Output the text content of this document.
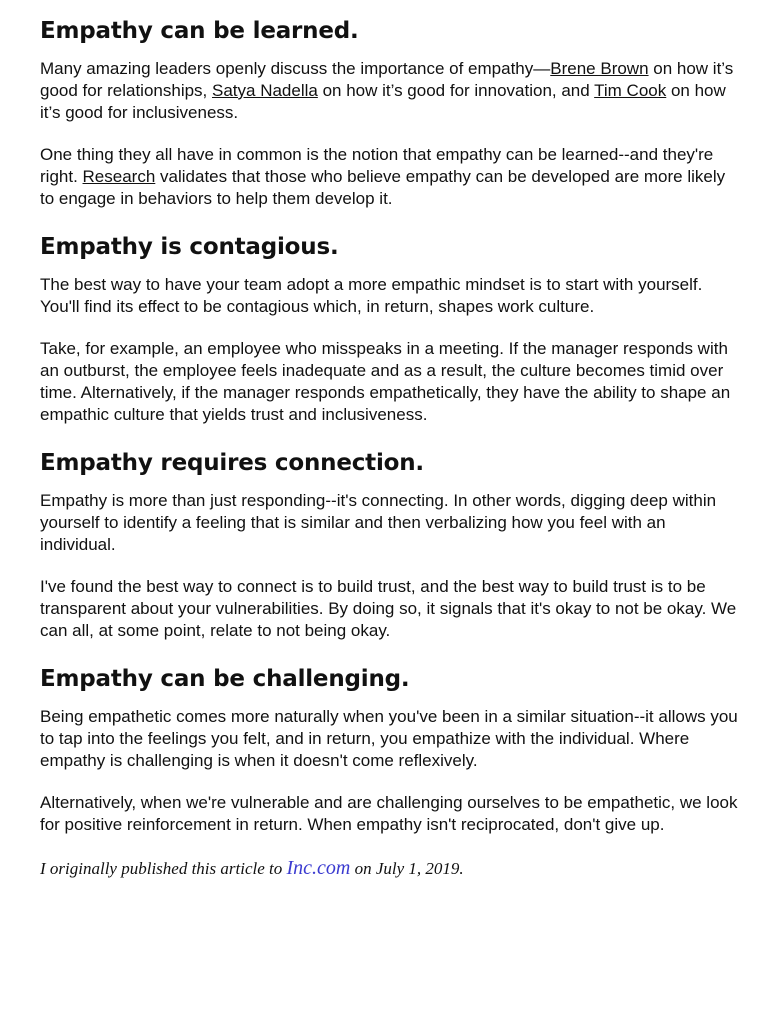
Empathy can be learned.

Many amazing leaders openly discuss the importance of empathy—Brene Brown on how it’s good for relationships, Satya Nadella on how it’s good for innovation, and Tim Cook on how it’s good for inclusiveness.

One thing they all have in common is the notion that empathy can be learned--and they're right. Research validates that those who believe empathy can be developed are more likely to engage in behaviors to help them develop it.

Empathy is contagious.

The best way to have your team adopt a more empathic mindset is to start with yourself. You'll find its effect to be contagious which, in return, shapes work culture.

Take, for example, an employee who misspeaks in a meeting. If the manager responds with an outburst, the employee feels inadequate and as a result, the culture becomes timid over time. Alternatively, if the manager responds empathetically, they have the ability to shape an empathic culture that yields trust and inclusiveness.

Empathy requires connection.

Empathy is more than just responding--it's connecting. In other words, digging deep within yourself to identify a feeling that is similar and then verbalizing how you feel with an individual.

I've found the best way to connect is to build trust, and the best way to build trust is to be transparent about your vulnerabilities. By doing so, it signals that it's okay to not be okay. We can all, at some point, relate to not being okay.

Empathy can be challenging.

Being empathetic comes more naturally when you've been in a similar situation--it allows you to tap into the feelings you felt, and in return, you empathize with the individual. Where empathy is challenging is when it doesn't come reflexively.

Alternatively, when we're vulnerable and are challenging ourselves to be empathetic, we look for positive reinforcement in return. When empathy isn't reciprocated, don't give up.

I originally published this article to Inc.com on July 1, 2019.
